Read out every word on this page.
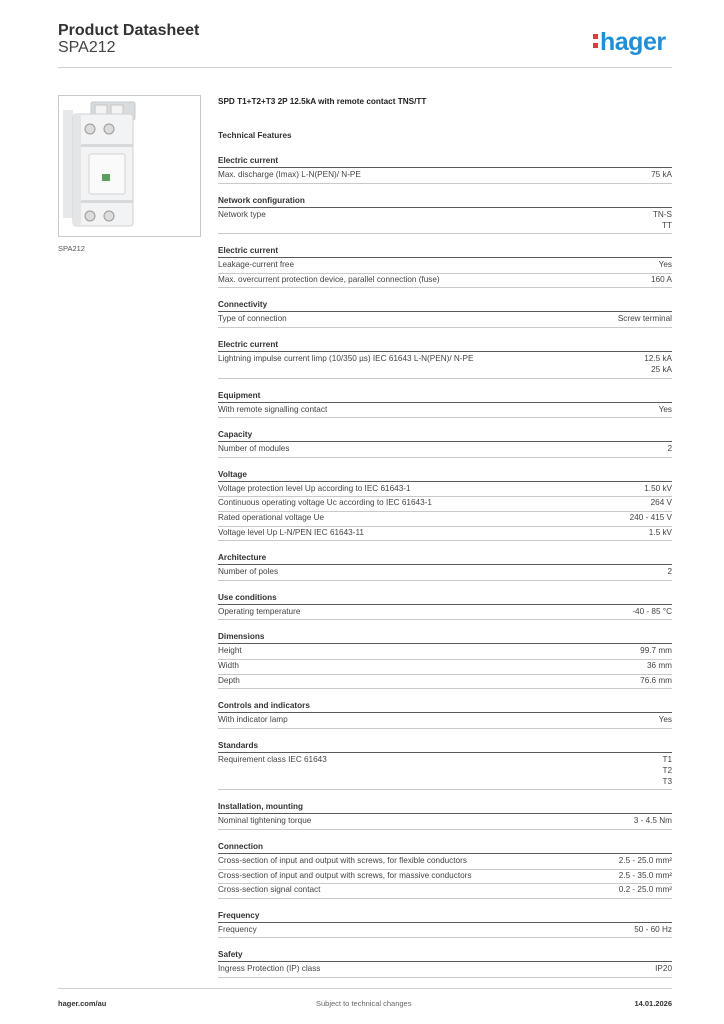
Product Datasheet
SPA212	hager
SPA212
SPD T1+T2+T3 2P 12.5kA with remote contact TNS/TT
Technical Features
Electric current
Max. discharge (Imax) L-N(PEN)/ N-PE	75 kA
Network configuration
Network type	TN-S
TT
Electric current
Leakage-current free	Yes
Max. overcurrent protection device, parallel connection (fuse)	160 A
Connectivity
Type of connection	Screw terminal
Electric current
Lightning impulse current limp (10/350 µs) IEC 61643 L-N(PEN)/ N-PE	12.5 kA
25 kA
Equipment
With remote signalling contact	Yes
Capacity
Number of modules	2
Voltage
Voltage protection level Up according to IEC 61643-1	1.50 kV
Continuous operating voltage Uc according to IEC 61643-1	264 V
Rated operational voltage Ue	240 - 415 V
Voltage level Up L-N/PEN IEC 61643-11	1.5 kV
Architecture
Number of poles	2
Use conditions
Operating temperature	-40 - 85 °C
Dimensions
Height	99.7 mm
Width	36 mm
Depth	76.6 mm
Controls and indicators
With indicator lamp	Yes
Standards
Requirement class IEC 61643	T1
T2
T3
Installation, mounting
Nominal tightening torque	3 - 4.5 Nm
Connection
Cross-section of input and output with screws, for flexible conductors	2.5 - 25.0 mm²
Cross-section of input and output with screws, for massive conductors	2.5 - 35.0 mm²
Cross-section signal contact	0.2 - 25.0 mm²
Frequency
Frequency	50 - 60 Hz
Safety
Ingress Protection (IP) class	IP20
hager.com/au	Subject to technical changes	14.01.2026
